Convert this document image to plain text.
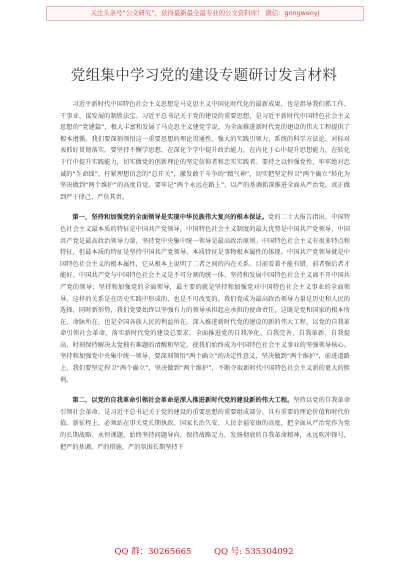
关注头条号“公文研究”，获得最新最全最专业的公文资料库！ 微信：gongwenyj
党组集中学习党的建设专题研讨发言材料

习近平新时代中国特色社会主义思想是马克思主义中国化时代化的最新成果，也是指导我们抓工作、干事业、谋发展的制胜法宝。习近平总书记关于党的建设的重要思想，是习近平新时代中国特色社会主义思想的“党建篇”，极大丰富和发展了马克思主义建党学说，为全面推进新时代党的建设的伟大工程提供了根本遵循。我们要深刻领悟这一重要思想的理论贯通性、强大的实践引领力、系统的科学方法论，对标对表抓好贯彻落实。要坚持不懈学思想，在深化个学中提升政治能力，在内化于心中提升思想能力，在转化于行中提升实践能力，切实做党的创新理论的坚定信仰者和忠实实践者。要持之以恒强党性，牢牢绝对忠诚的“生命线”，拧紧理想信念的“总开关”，激发敢干斗争的“精气神”，切实把坚定捍卫“两个确立”转化为坚决做到“两个维护”的高度自觉。要牢记“两个永远在路上”，以严的基调抓深推进全面从严治党，真正做到严于律己、严负其责。

第一，坚持和加强党的全面领导是实现中华民族伟大复兴的根本保证。党的二十大报告指出，中国特色社会主义最本质的特征是中国共产党领导，中国特色社会主义制度的最大优势是中国共产党领导，中国共产党是最高政治领导力量，坚持党中央集中统一领导是最高政治原则。中国特色社会主义有很多特点和特征，但最本质的特征是坚持中国共产党领导。本质特征是事物根本属性的体现。中国共产党领导就是中国特色社会主义的根本属性，它从根本上说明了二者之间的内在关系。目前看着不能有错，前者强后者才能好。中国共产党与中国特色社会主义是不可分割的统一体，坚持和发展中国特色社会主义离不开中国共产党的领导；坚持和加强党的全面领导，最主要的就是坚持和加强党对中国特色社会主义事业的全面领导。这样的关系是在历史实践中形成的，也是不可改变的。我们党成为最高政治领导力量是历史和人民的选择，同时新形势，我们党要始终以坚强有力的领导承担起应承担的使命责任，这既是党和国家的根本所在、命脉所在，也是全国各族人民的利益所在。深入推进新时代党的建设的新的伟大工程，以党的自我革命引领社会革命，落实新时代党的建设总要求，全面推进党的自我净化、自我完善、自我革新、自我提高，时刻保持解决大党独有难题的清醒和坚定，使我们始终成为中国特色社会主义事业的坚强领导核心。坚持和加强党中央集中统一领导，要深刻领悟“两个确立”的决定性意义，坚决做到“两个维护”，前进道路上，我们要坚定捍卫“两个确立”，坚决做到“两个维护”，不断夺取新时代中国特色社会主义新的更大的胜利。

第二，以党的自我革命引领社会革命是深入推进新时代党的建设新的伟大工程。坚持以党的自我革命引领社会革命，是习近平总书记关于党的建设的重要思想的重要组成部分，具有重要的理论价值和时代价值。新征程上，必须站在事关党长期执政、国家长治久安、人民幸福安康的高度，把全面从严治党作为党的长期战略、永恒课题，始终坚持问题导向，保持战略定力，发扬彻底的自我革命精神，永远吹冲锋号，把严的基调、严的措施、严的氛围长期坚持下

QQ 群：30265665	QQ 号: 535304092
